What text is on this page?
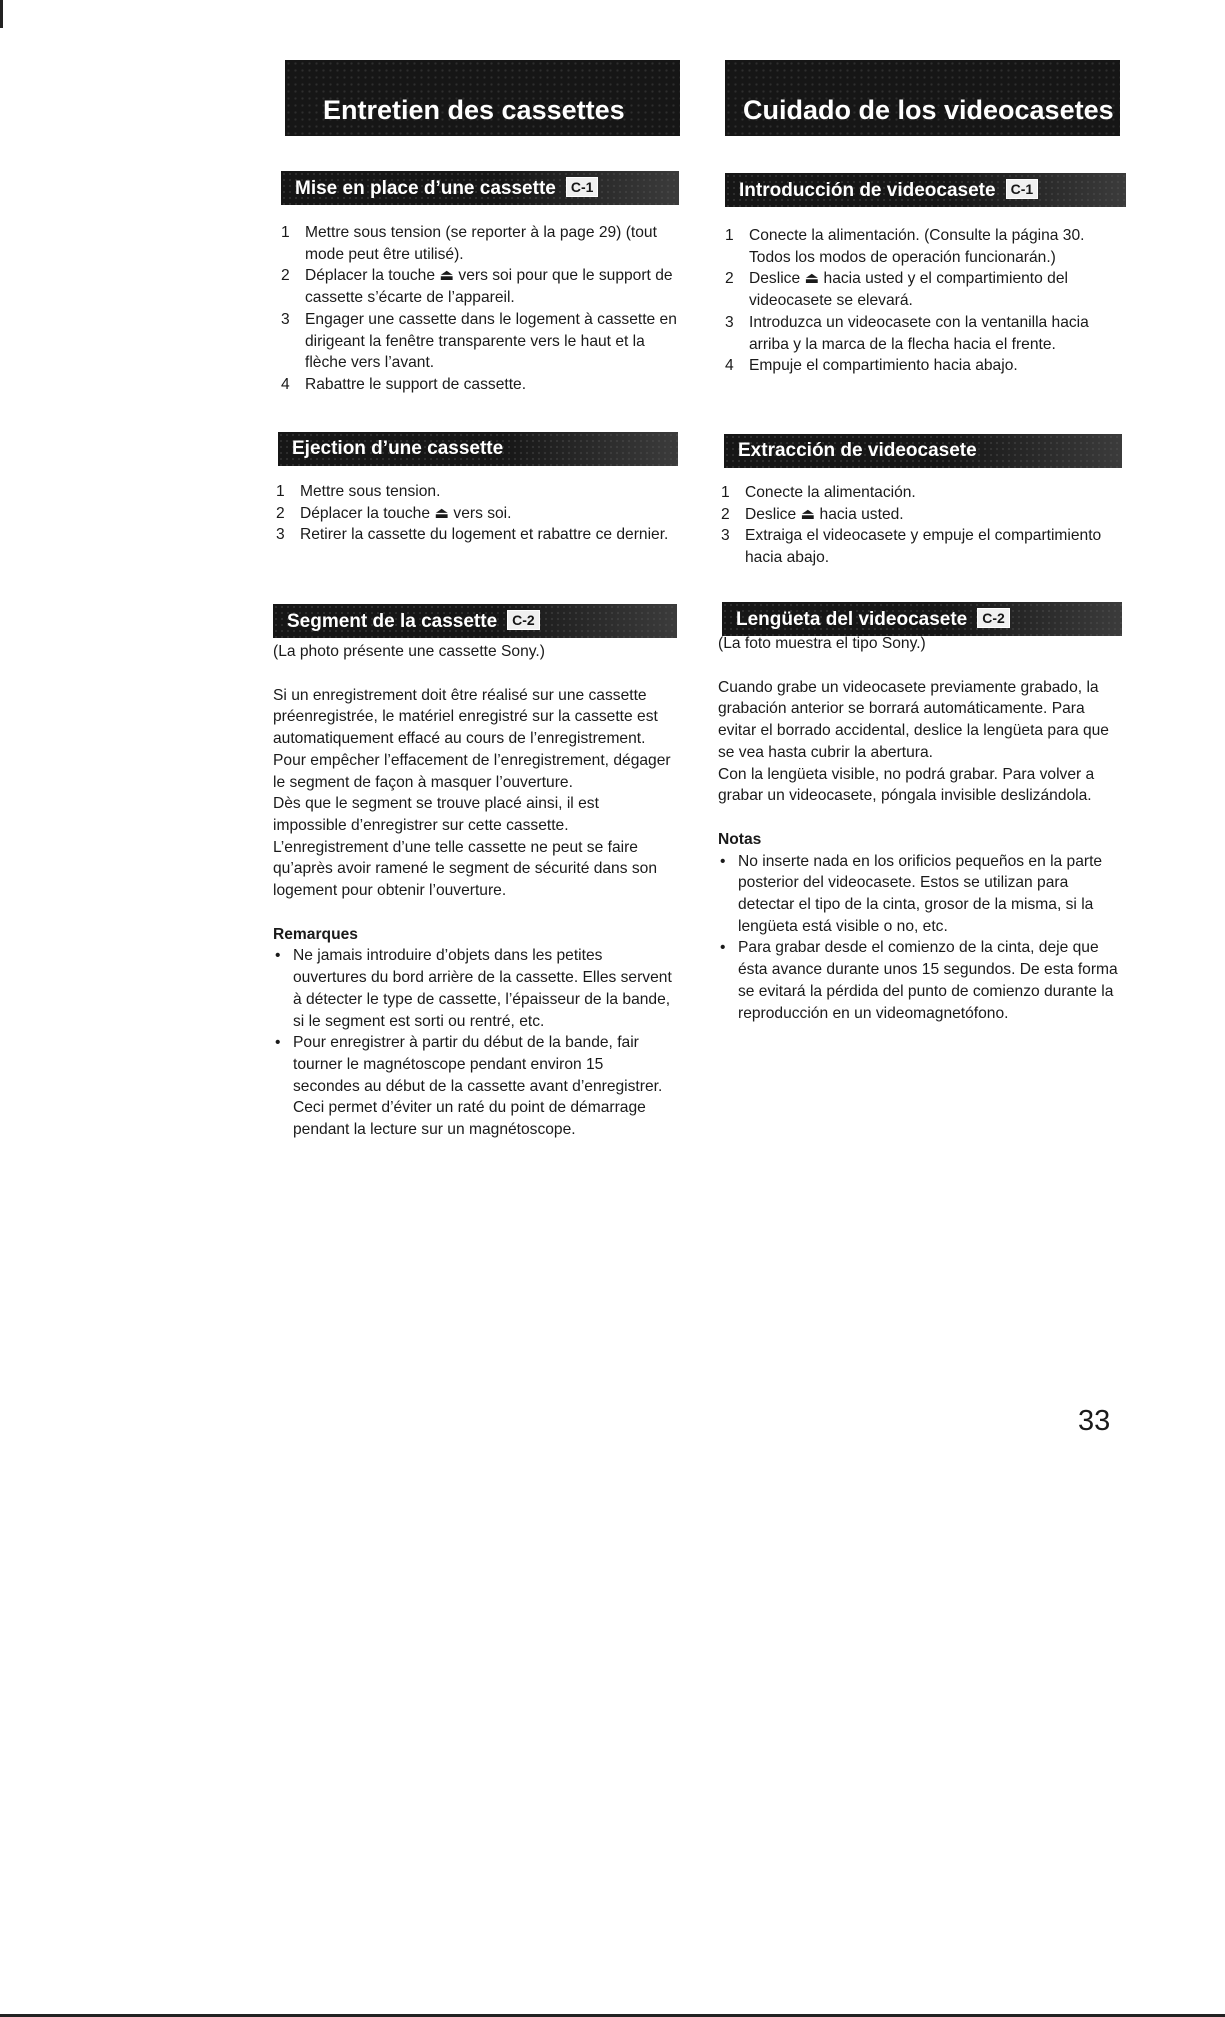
Entretien des cassettes
Mise en place d’une cassette C-1
1 Mettre sous tension (se reporter à la page 29) (tout mode peut être utilisé).
2 Déplacer la touche ⏏ vers soi pour que le support de cassette s’écarte de l’appareil.
3 Engager une cassette dans le logement à cassette en dirigeant la fenêtre transparente vers le haut et la flèche vers l’avant.
4 Rabattre le support de cassette.
Ejection d’une cassette
1 Mettre sous tension.
2 Déplacer la touche ⏏ vers soi.
3 Retirer la cassette du logement et rabattre ce dernier.
Segment de la cassette C-2

(La photo présente une cassette Sony.)

Si un enregistrement doit être réalisé sur une cassette préenregistrée, le matériel enregistré sur la cassette est automatiquement effacé au cours de l’enregistrement. Pour empêcher l’effacement de l’enregistrement, dégager le segment de façon à masquer l’ouverture.

Dès que le segment se trouve placé ainsi, il est impossible d’enregistrer sur cette cassette. L’enregistrement d’une telle cassette ne peut se faire qu’après avoir ramené le segment de sécurité dans son logement pour obtenir l’ouverture.

Remarques
• Ne jamais introduire d’objets dans les petites ouvertures du bord arrière de la cassette. Elles servent à détecter le type de cassette, l’épaisseur de la bande, si le segment est sorti ou rentré, etc.
• Pour enregistrer à partir du début de la bande, fair tourner le magnétoscope pendant environ 15 secondes au début de la cassette avant d’enregistrer. Ceci permet d’éviter un raté du point de démarrage pendant la lecture sur un magnétoscope.
Cuidado de los videocasetes
Introducción de videocasete C-1
1 Conecte la alimentación. (Consulte la página 30. Todos los modos de operación funcionarán.)
2 Deslice ⏏ hacia usted y el compartimiento del videocasete se elevará.
3 Introduzca un videocasete con la ventanilla hacia arriba y la marca de la flecha hacia el frente.
4 Empuje el compartimiento hacia abajo.
Extracción de videocasete
1 Conecte la alimentación.
2 Deslice ⏏ hacia usted.
3 Extraiga el videocasete y empuje el compartimiento hacia abajo.
Lengüeta del videocasete C-2

(La foto muestra el tipo Sony.)

Cuando grabe un videocasete previamente grabado, la grabación anterior se borrará automáticamente. Para evitar el borrado accidental, deslice la lengüeta para que se vea hasta cubrir la abertura.

Con la lengüeta visible, no podrá grabar. Para volver a grabar un videocasete, póngala invisible deslizándola.

Notas
• No inserte nada en los orificios pequeños en la parte posterior del videocasete. Estos se utilizan para detectar el tipo de la cinta, grosor de la misma, si la lengüeta está visible o no, etc.
• Para grabar desde el comienzo de la cinta, deje que ésta avance durante unos 15 segundos. De esta forma se evitará la pérdida del punto de comienzo durante la reproducción en un videomagnetófono.
33
